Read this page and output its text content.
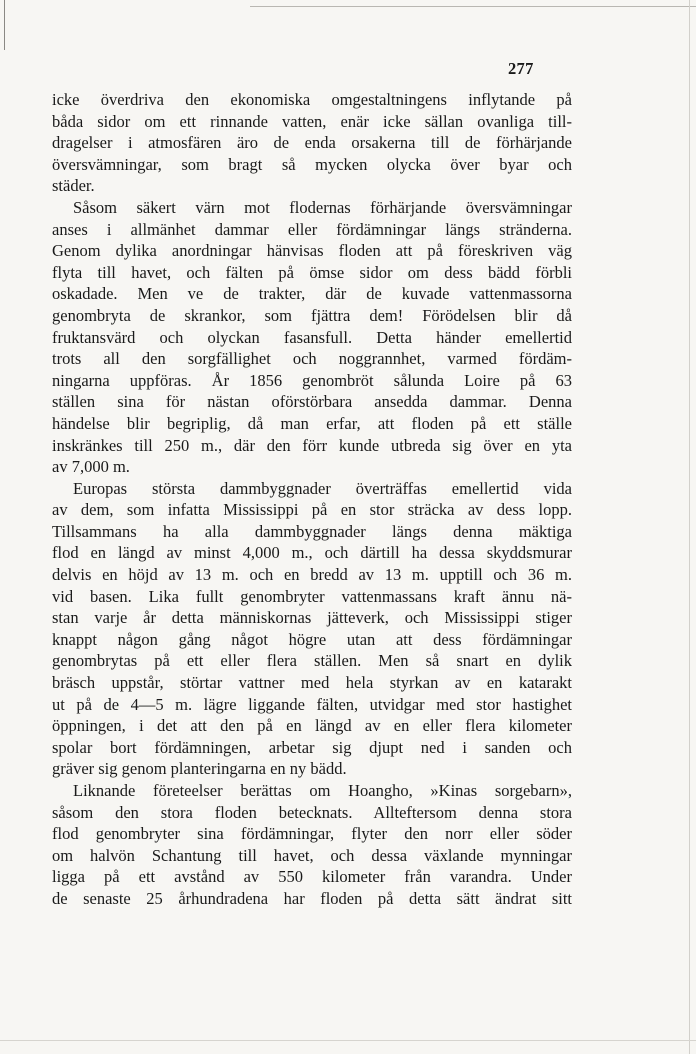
277
icke överdriva den ekonomiska omgestaltningens inflytande på
båda sidor om ett rinnande vatten, enär icke sällan ovanliga till-
dragelser i atmosfären äro de enda orsakerna till de förhärjande
översvämningar, som bragt så mycken olycka över byar och
städer.
Såsom säkert värn mot flodernas förhärjande översvämningar
anses i allmänhet dammar eller fördämningar längs stränderna.
Genom dylika anordningar hänvisas floden att på föreskriven väg
flyta till havet, och fälten på ömse sidor om dess bädd förbli
oskadade. Men ve de trakter, där de kuvade vattenmassorna
genombryta de skrankor, som fjättra dem! Förödelsen blir då
fruktansvärd och olyckan fasansfull. Detta händer emellertid
trots all den sorgfällighet och noggrannhet, varmed fördäm-
ningarna uppföras. År 1856 genombröt sålunda Loire på 63
ställen sina för nästan oförstörbara ansedda dammar. Denna
händelse blir begriplig, då man erfar, att floden på ett ställe
inskränkes till 250 m., där den förr kunde utbreda sig över en yta
av 7,000 m.
Europas största dammbyggnader överträffas emellertid vida
av dem, som infatta Mississippi på en stor sträcka av dess lopp.
Tillsammans ha alla dammbyggnader längs denna mäktiga
flod en längd av minst 4,000 m., och därtill ha dessa skyddsmurar
delvis en höjd av 13 m. och en bredd av 13 m. upptill och 36 m.
vid basen. Lika fullt genombryter vattenmassans kraft ännu nä-
stan varje år detta människornas jätteverk, och Mississippi stiger
knappt någon gång något högre utan att dess fördämningar
genombrytas på ett eller flera ställen. Men så snart en dylik
bräsch uppstår, störtar vattner med hela styrkan av en katarakt
ut på de 4—5 m. lägre liggande fälten, utvidgar med stor hastighet
öppningen, i det att den på en längd av en eller flera kilometer
spolar bort fördämningen, arbetar sig djupt ned i sanden och
gräver sig genom planteringarna en ny bädd.
Liknande företeelser berättas om Hoangho, »Kinas sorgebarn»,
såsom den stora floden betecknats. Allteftersom denna stora
flod genombryter sina fördämningar, flyter den norr eller söder
om halvön Schantung till havet, och dessa växlande mynningar
ligga på ett avstånd av 550 kilometer från varandra. Under
de senaste 25 århundradena har floden på detta sätt ändrat sitt
